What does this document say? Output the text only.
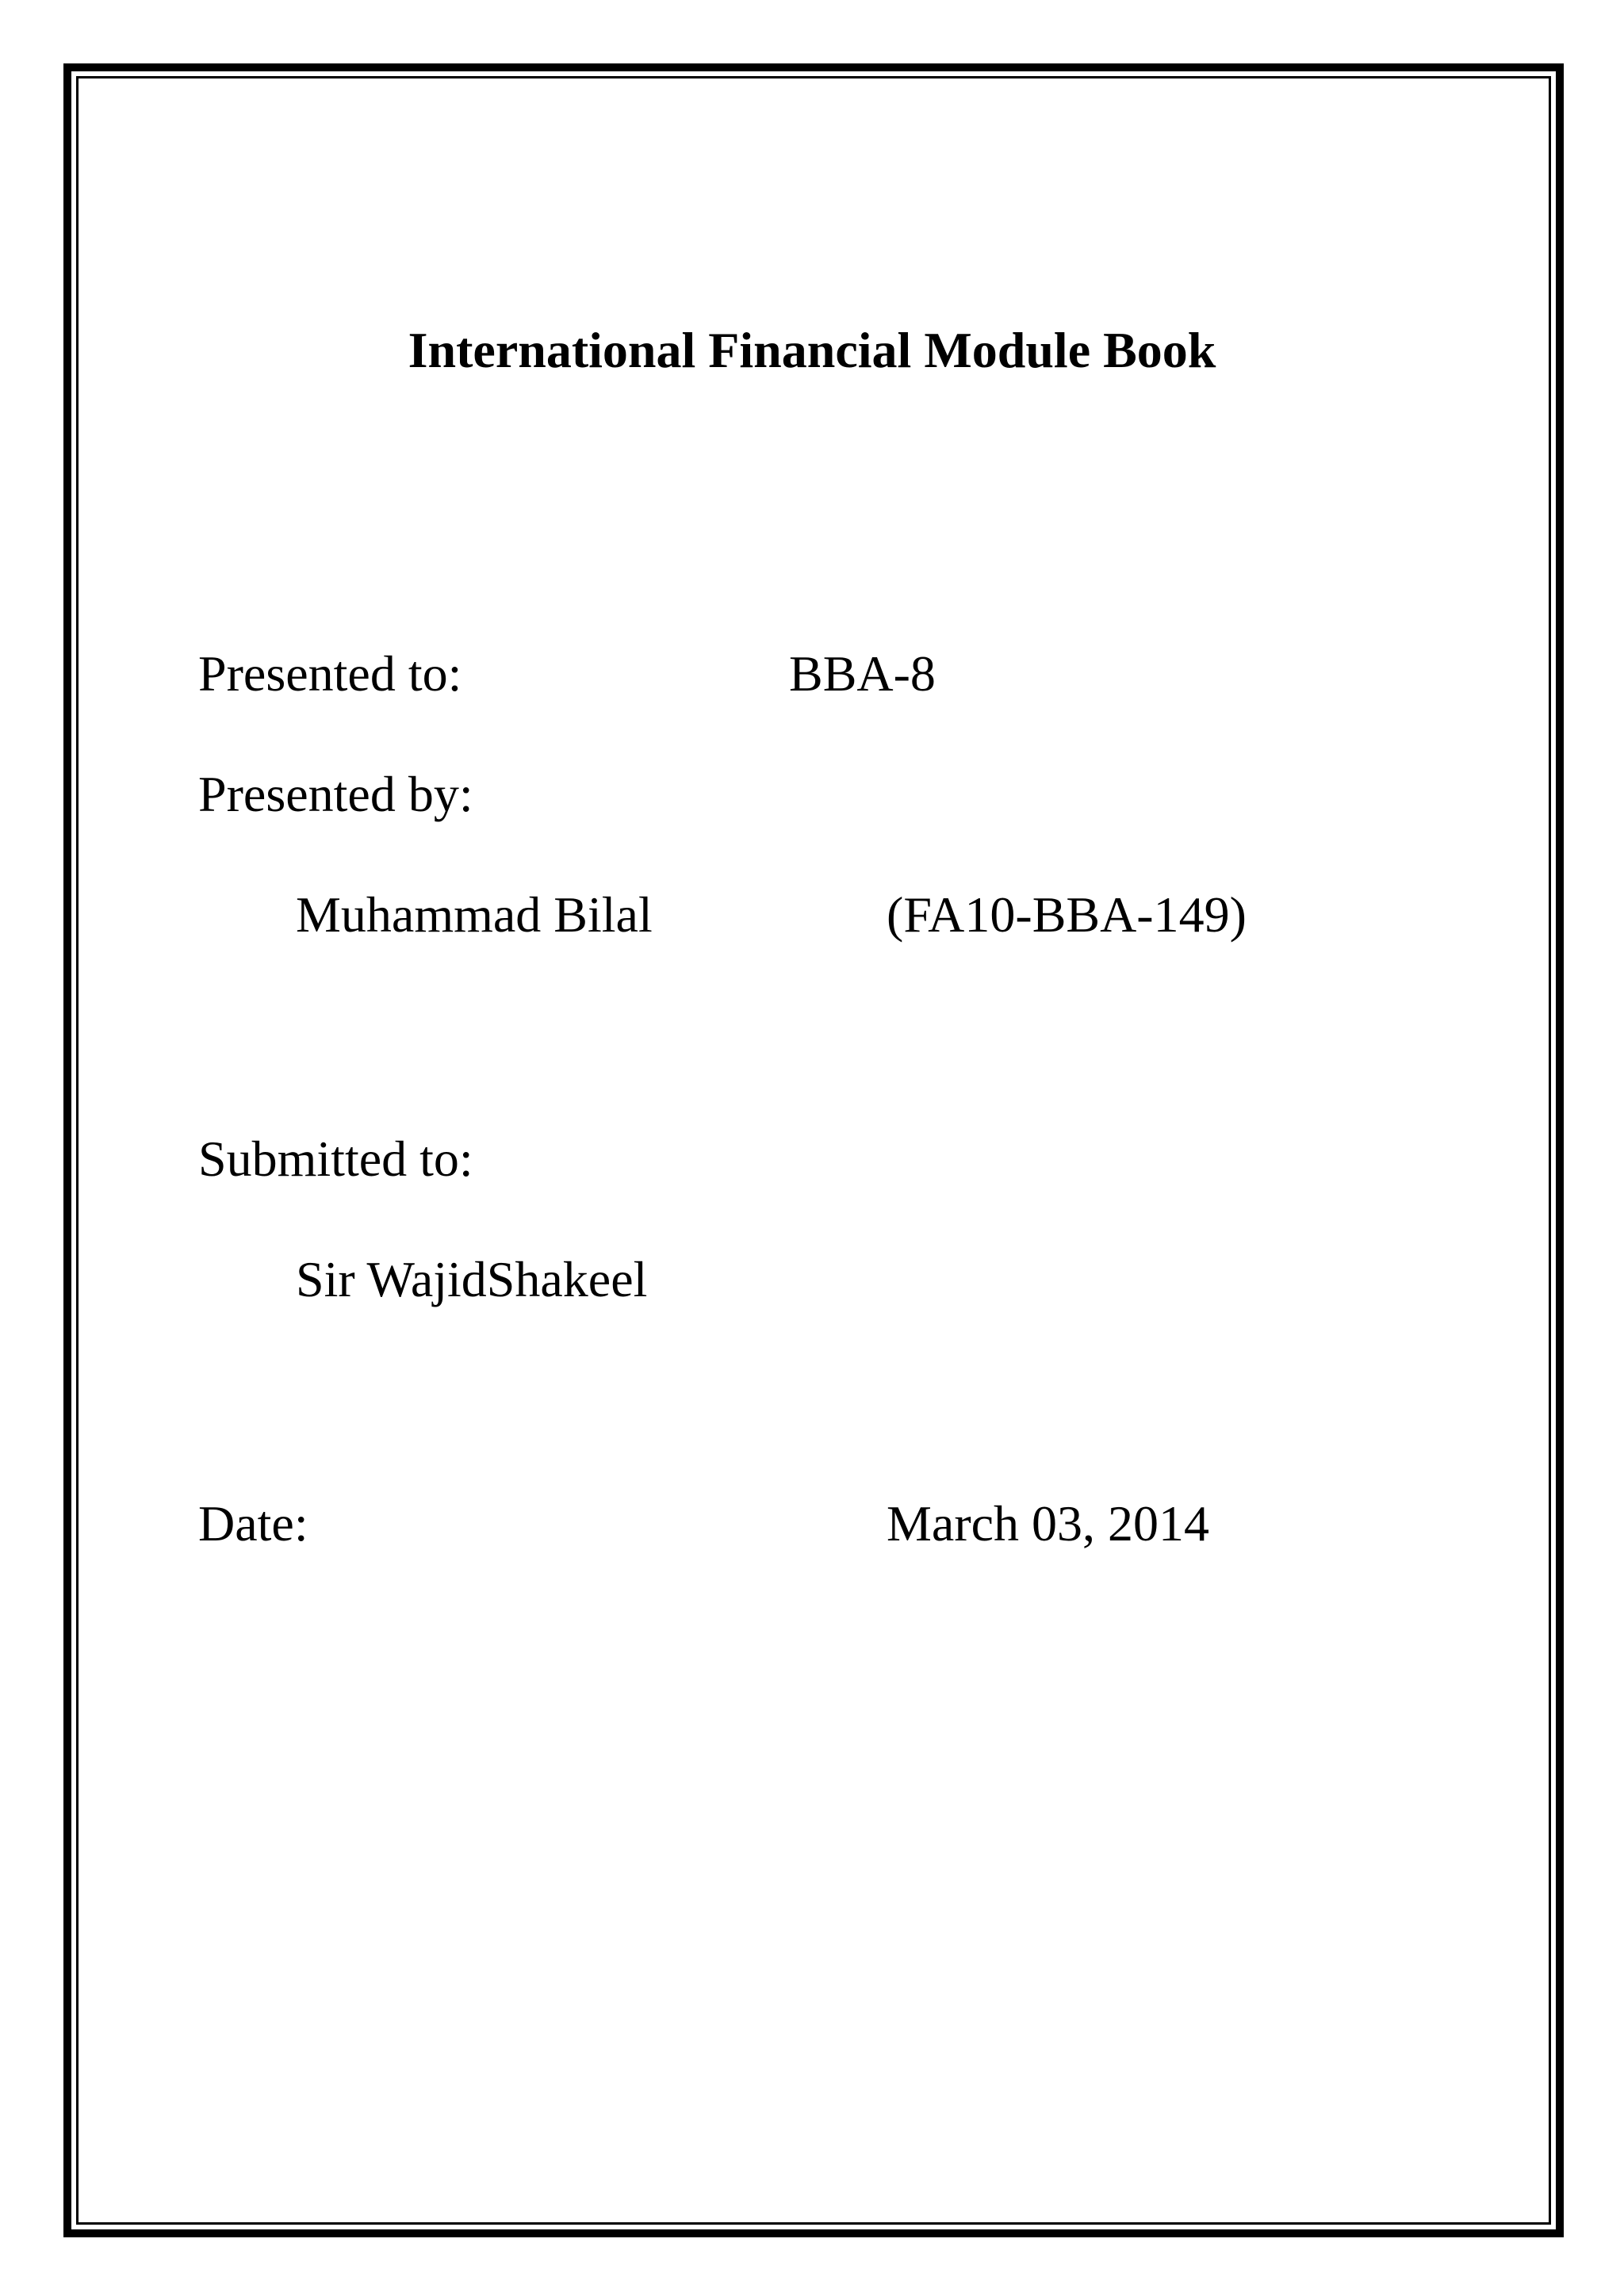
International Financial Module Book
Presented to:	BBA-8
Presented by:
Muhammad Bilal	(FA10-BBA-149)
Submitted to:
Sir WajidShakeel
Date:	March 03, 2014
